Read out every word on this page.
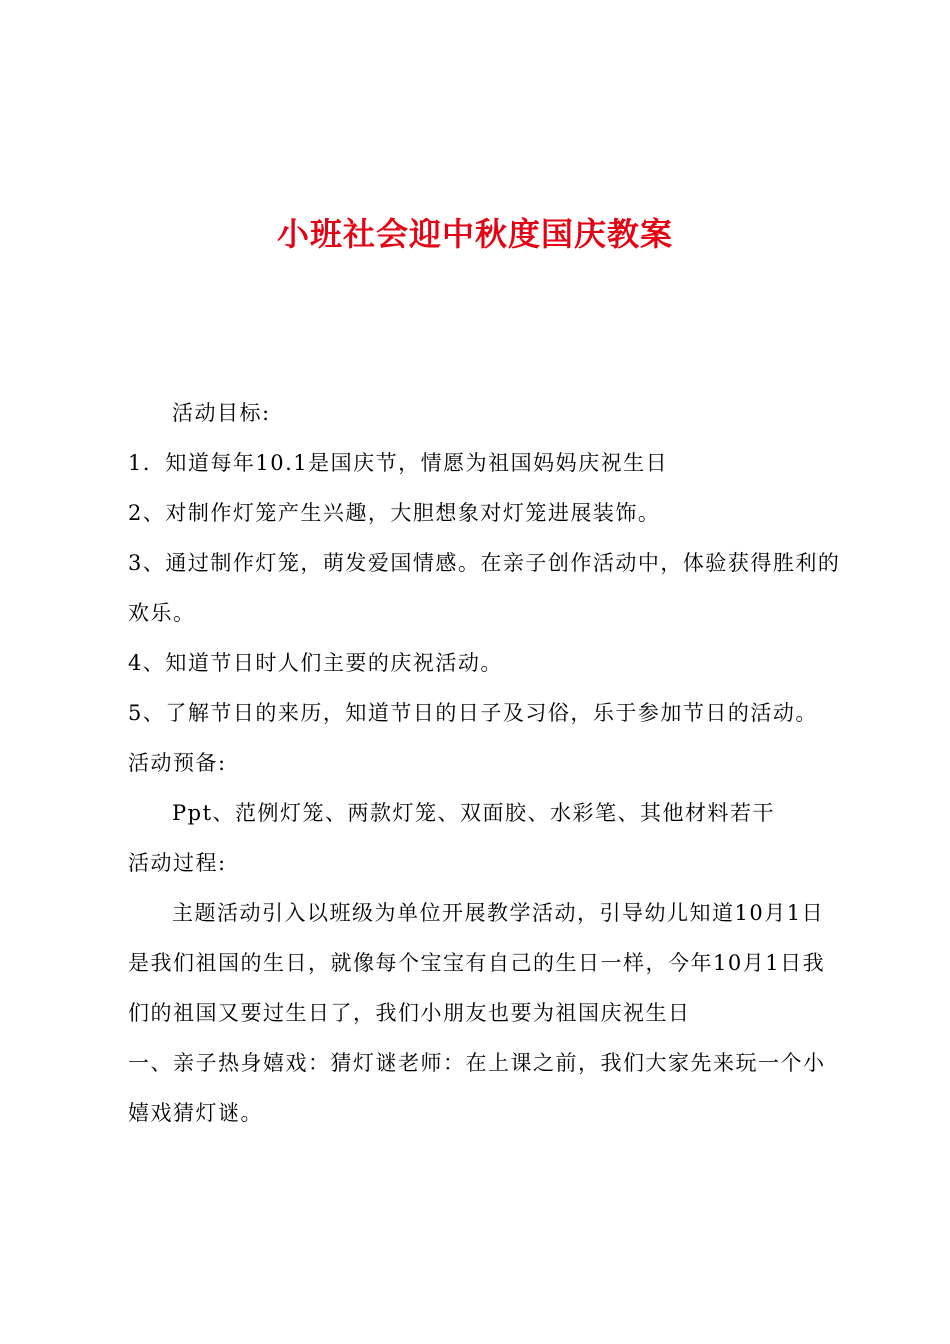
小班社会迎中秋度国庆教案
活动目标:
1．知道每年10.1是国庆节，情愿为祖国妈妈庆祝生日
2、对制作灯笼产生兴趣，大胆想象对灯笼进展装饰。
3、通过制作灯笼，萌发爱国情感。在亲子创作活动中，体验获得胜利的
欢乐。
4、知道节日时人们主要的庆祝活动。
5、了解节日的来历，知道节日的日子及习俗，乐于参加节日的活动。
活动预备:
Ppt、范例灯笼、两款灯笼、双面胶、水彩笔、其他材料若干
活动过程:
主题活动引入以班级为单位开展教学活动，引导幼儿知道10月1日
是我们祖国的生日，就像每个宝宝有自己的生日一样，今年10月1日我
们的祖国又要过生日了，我们小朋友也要为祖国庆祝生日
一、亲子热身嬉戏：猜灯谜老师：在上课之前，我们大家先来玩一个小
嬉戏猜灯谜。
